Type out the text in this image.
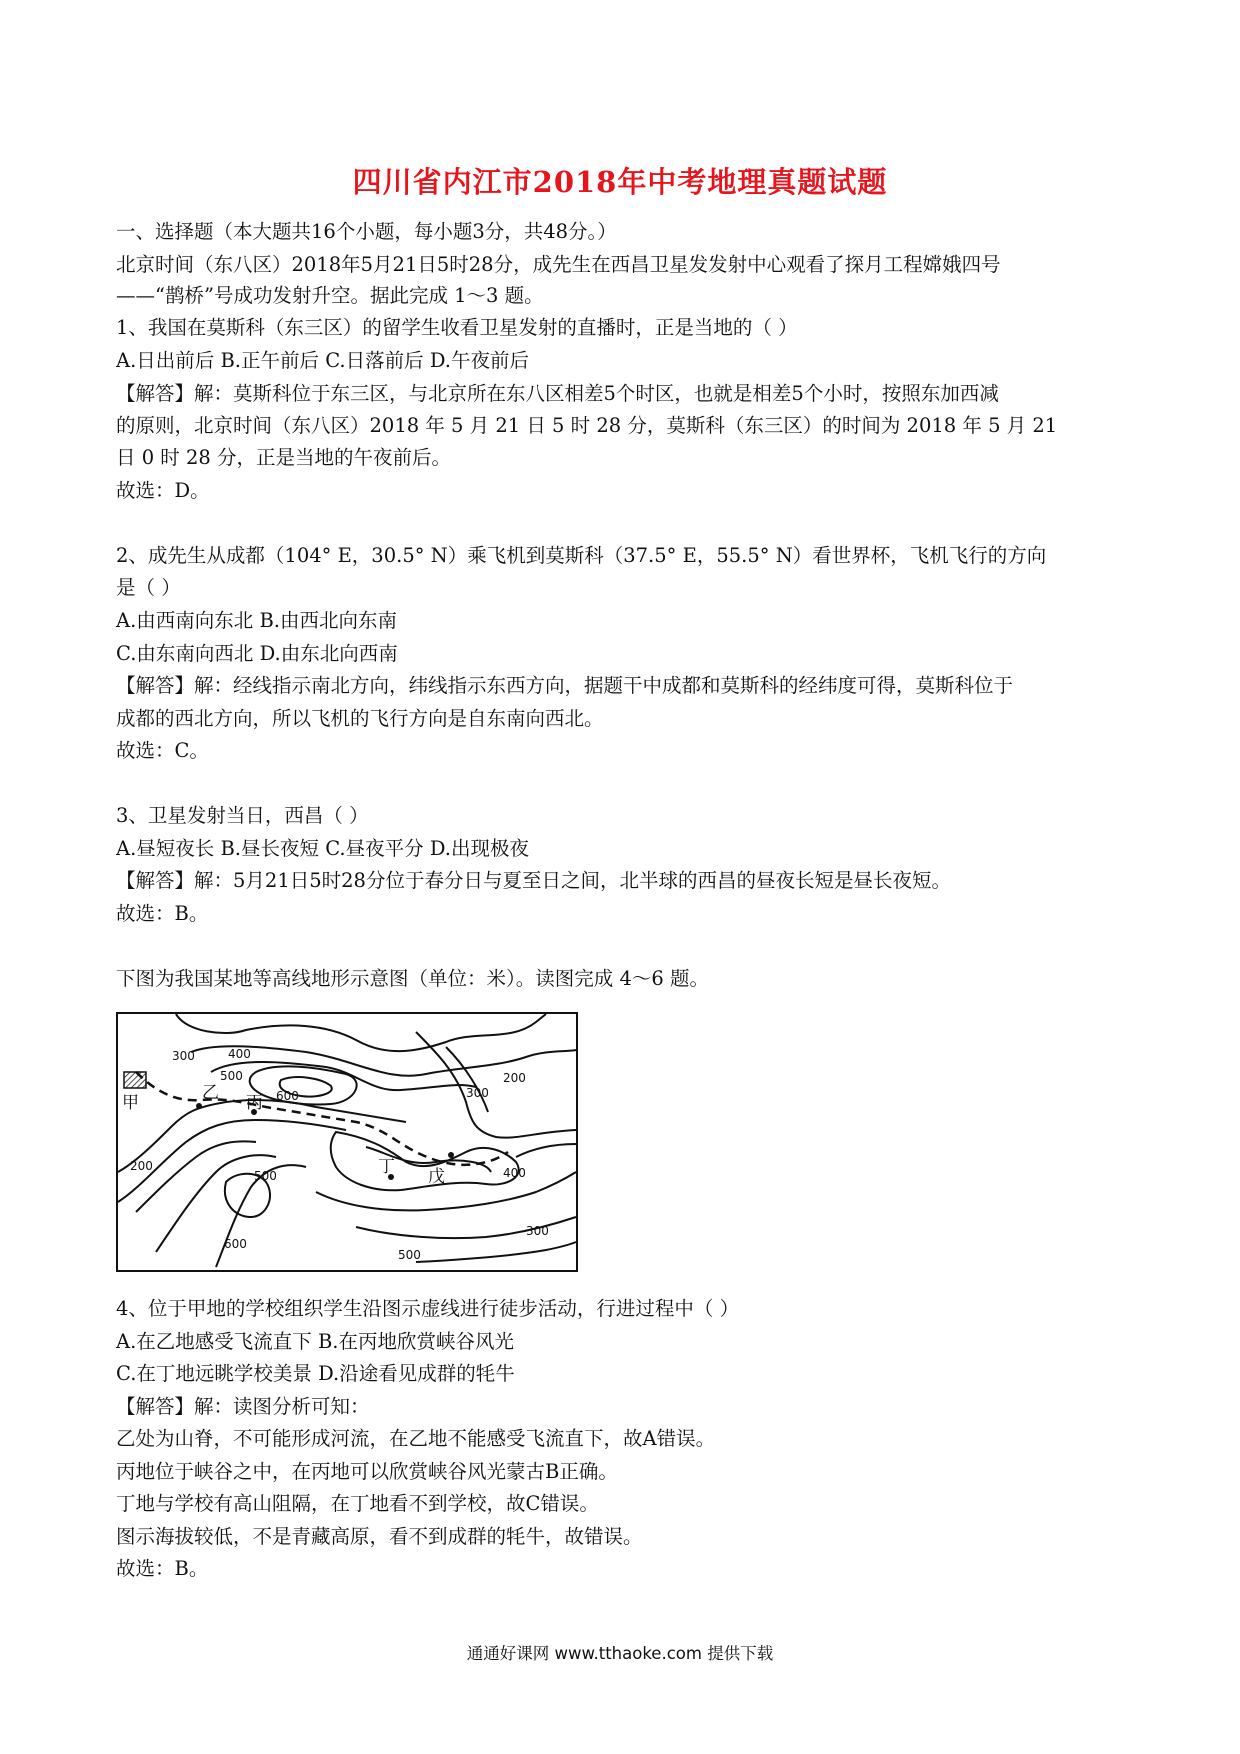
四川省内江市2018年中考地理真题试题
一、选择题（本大题共16个小题，每小题3分，共48分。）
北京时间（东八区）2018年5月21日5时28分，成先生在西昌卫星发发射中心观看了探月工程嫦娥四号
——“鹊桥”号成功发射升空。据此完成 1～3 题。
1、我国在莫斯科（东三区）的留学生收看卫星发射的直播时，正是当地的（ ）
A.日出前后 B.正午前后 C.日落前后 D.午夜前后
【解答】解：莫斯科位于东三区，与北京所在东八区相差5个时区，也就是相差5个小时，按照东加西减
的原则，北京时间（东八区）2018 年 5 月 21 日 5 时 28 分，莫斯科（东三区）的时间为 2018 年 5 月 21
日 0 时 28 分，正是当地的午夜前后。
故选：D。
2、成先生从成都（104° E，30.5° N）乘飞机到莫斯科（37.5° E，55.5° N）看世界杯，飞机飞行的方向
是（ ）
A.由西南向东北 B.由西北向东南
C.由东南向西北 D.由东北向西南
【解答】解：经线指示南北方向，纬线指示东西方向，据题干中成都和莫斯科的经纬度可得，莫斯科位于
成都的西北方向，所以飞机的飞行方向是自东南向西北。
故选：C。
3、卫星发射当日，西昌（ ）
A.昼短夜长 B.昼长夜短 C.昼夜平分 D.出现极夜
【解答】解：5月21日5时28分位于春分日与夏至日之间，北半球的西昌的昼夜长短是昼长夜短。
故选：B。
下图为我国某地等高线地形示意图（单位：米）。读图完成 4～6 题。
300	400
500
600	300
200
200
500	400
300
600
500
甲	乙 丙
丁 戊
4、位于甲地的学校组织学生沿图示虚线进行徒步活动，行进过程中（ ）
A.在乙地感受飞流直下 B.在丙地欣赏峡谷风光
C.在丁地远眺学校美景 D.沿途看见成群的牦牛
【解答】解：读图分析可知：
乙处为山脊，不可能形成河流，在乙地不能感受飞流直下，故A错误。
丙地位于峡谷之中，在丙地可以欣赏峡谷风光蒙古B正确。
丁地与学校有高山阻隔，在丁地看不到学校，故C错误。
图示海拔较低，不是青藏高原，看不到成群的牦牛，故错误。
故选：B。
通通好课网 www.tthaoke.com 提供下载
